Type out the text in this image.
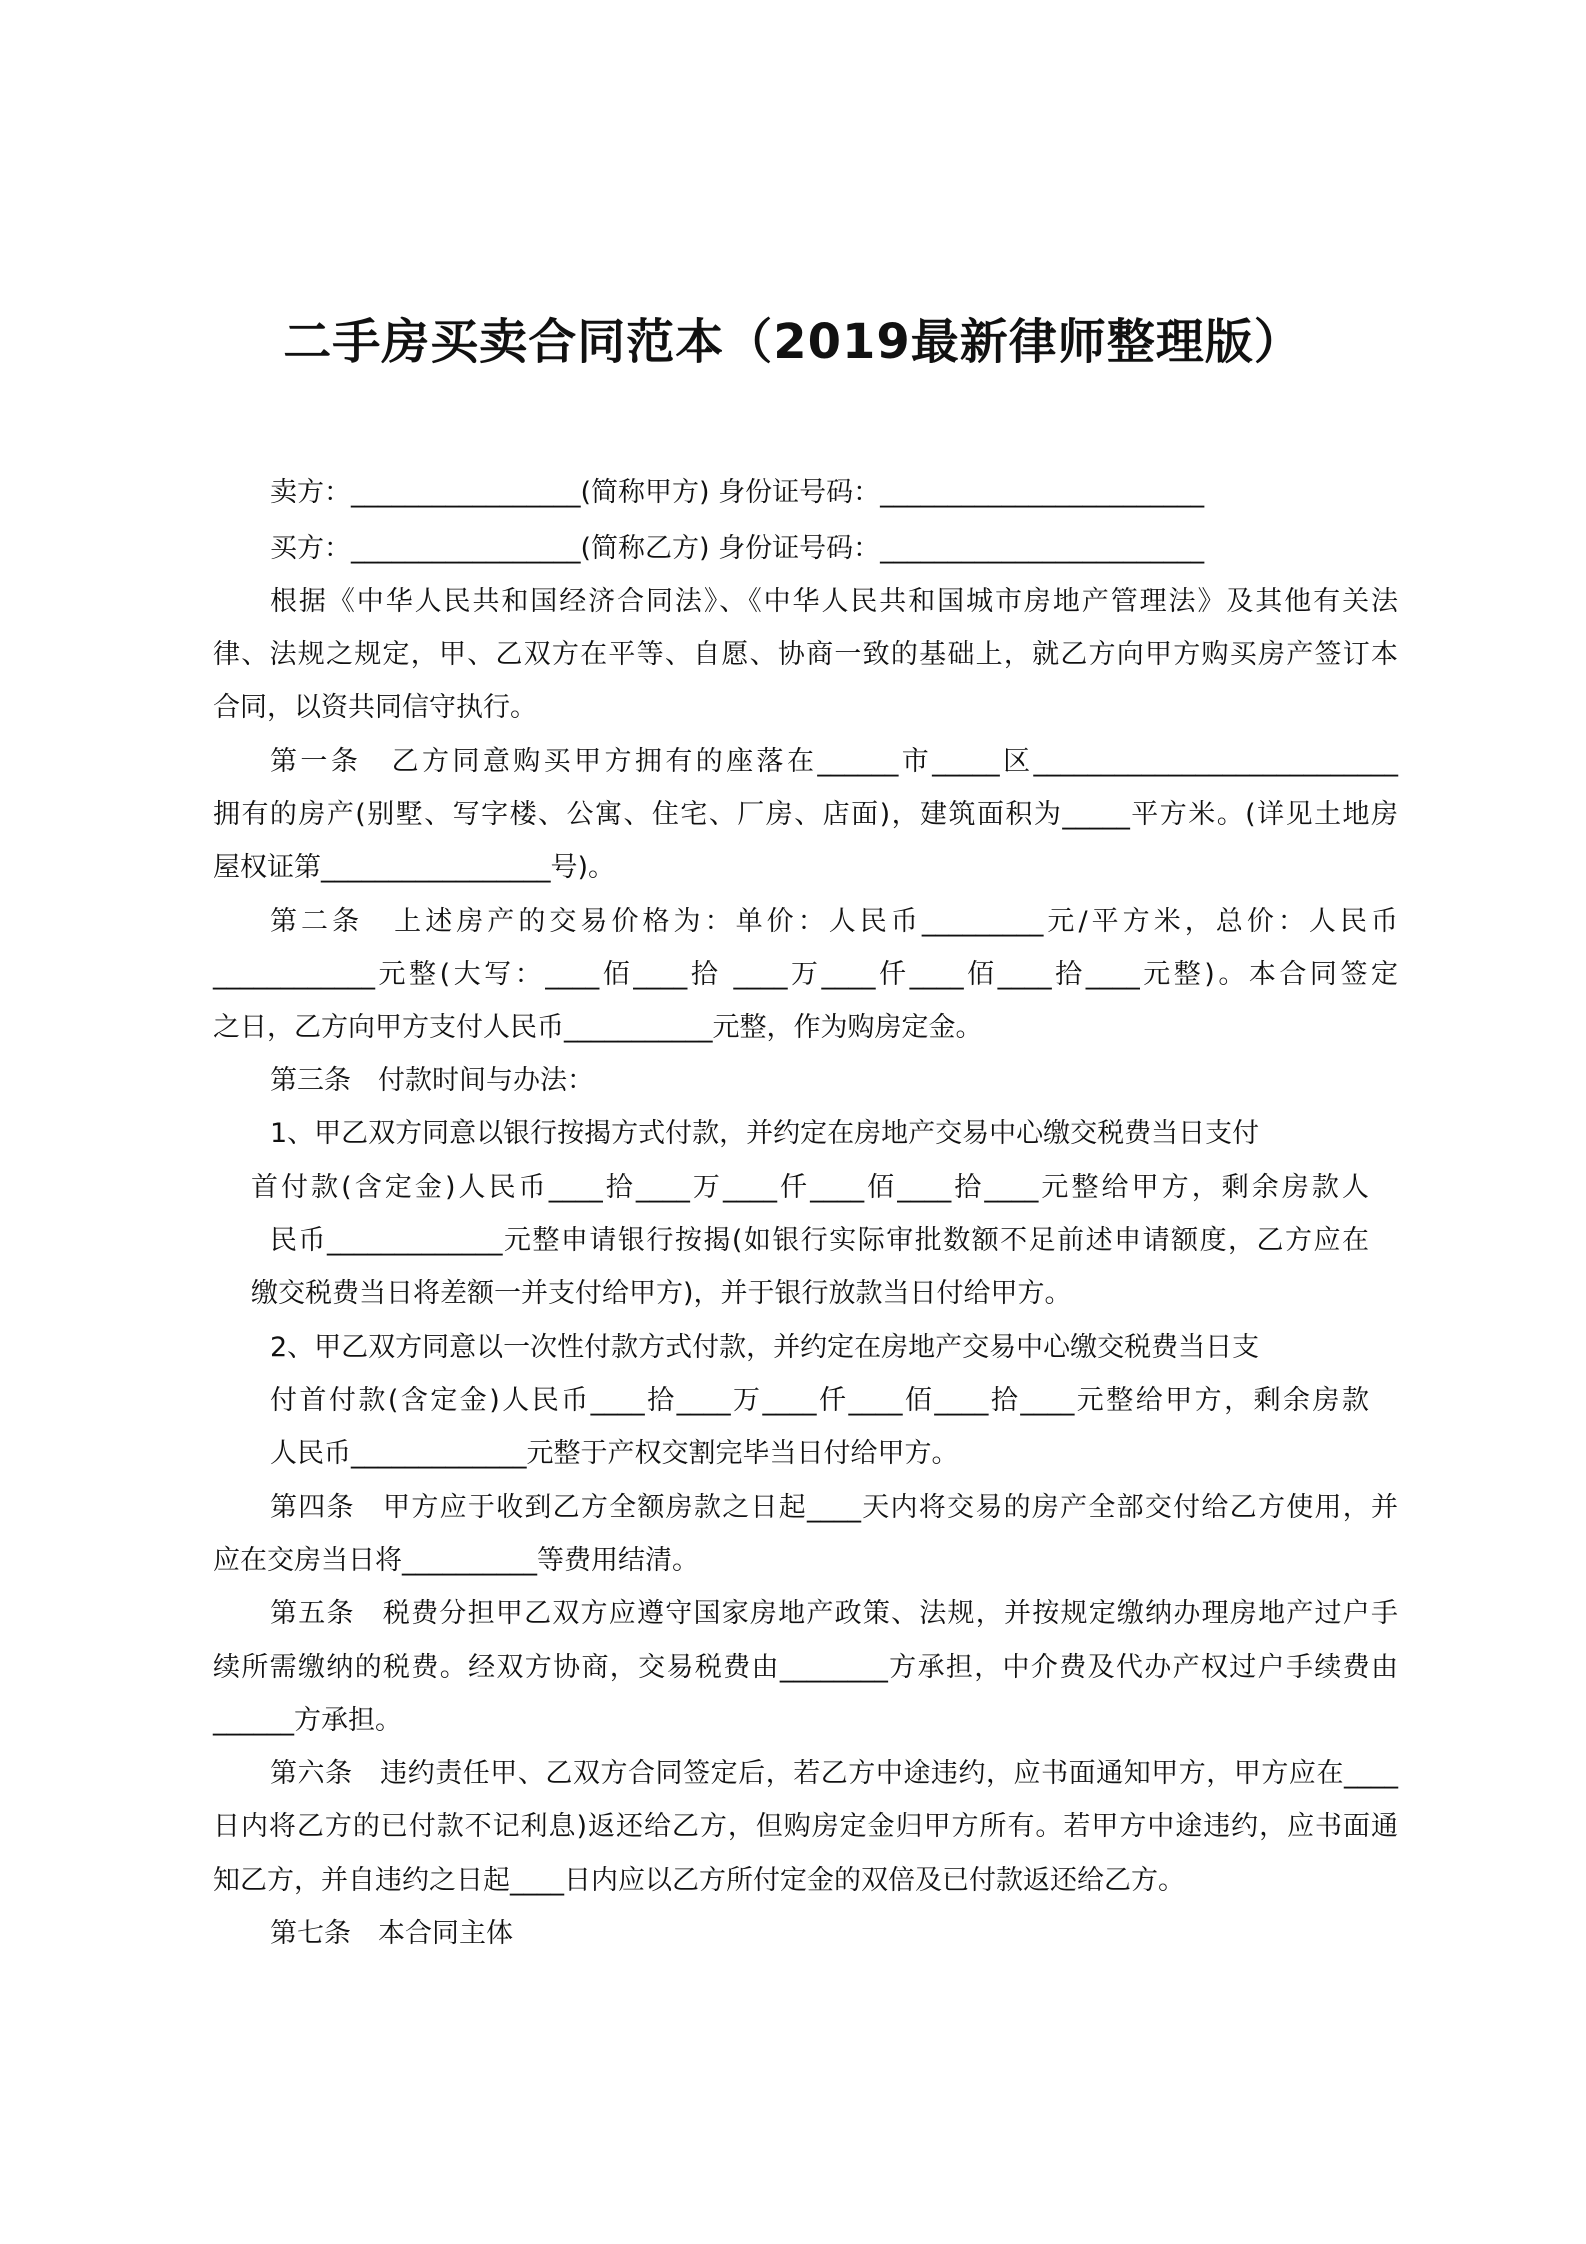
二手房买卖合同范本（2019最新律师整理版）
卖方：_________________(简称甲方) 身份证号码：________________________
买方：_________________(简称乙方) 身份证号码：________________________
根据《中华人民共和国经济合同法》、《中华人民共和国城市房地产管理法》及其他有关法
律、法规之规定，甲、乙双方在平等、自愿、协商一致的基础上，就乙方向甲方购买房产签订本
合同，以资共同信守执行。
第一条　乙方同意购买甲方拥有的座落在______市_____区___________________________
拥有的房产(别墅、写字楼、公寓、住宅、厂房、店面)，建筑面积为_____平方米。(详见土地房
屋权证第_________________号)。
第二条　上述房产的交易价格为：单价：人民币_________元/平方米，总价：人民币
____________元整(大写：____佰____拾 ____万____仟____佰____拾____元整)。本合同签定
之日，乙方向甲方支付人民币___________元整，作为购房定金。
第三条　付款时间与办法：
1、甲乙双方同意以银行按揭方式付款，并约定在房地产交易中心缴交税费当日支付
首付款(含定金)人民币____拾____万____仟____佰____拾____元整给甲方，剩余房款人
民币_____________元整申请银行按揭(如银行实际审批数额不足前述申请额度，乙方应在
缴交税费当日将差额一并支付给甲方)，并于银行放款当日付给甲方。
2、甲乙双方同意以一次性付款方式付款，并约定在房地产交易中心缴交税费当日支
付首付款(含定金)人民币____拾____万____仟____佰____拾____元整给甲方，剩余房款
人民币_____________元整于产权交割完毕当日付给甲方。
第四条　甲方应于收到乙方全额房款之日起____天内将交易的房产全部交付给乙方使用，并
应在交房当日将__________等费用结清。
第五条　税费分担甲乙双方应遵守国家房地产政策、法规，并按规定缴纳办理房地产过户手
续所需缴纳的税费。经双方协商，交易税费由________方承担，中介费及代办产权过户手续费由
______方承担。
第六条　违约责任甲、乙双方合同签定后，若乙方中途违约，应书面通知甲方，甲方应在____
日内将乙方的已付款不记利息)返还给乙方，但购房定金归甲方所有。若甲方中途违约，应书面通
知乙方，并自违约之日起____日内应以乙方所付定金的双倍及已付款返还给乙方。
第七条　本合同主体
